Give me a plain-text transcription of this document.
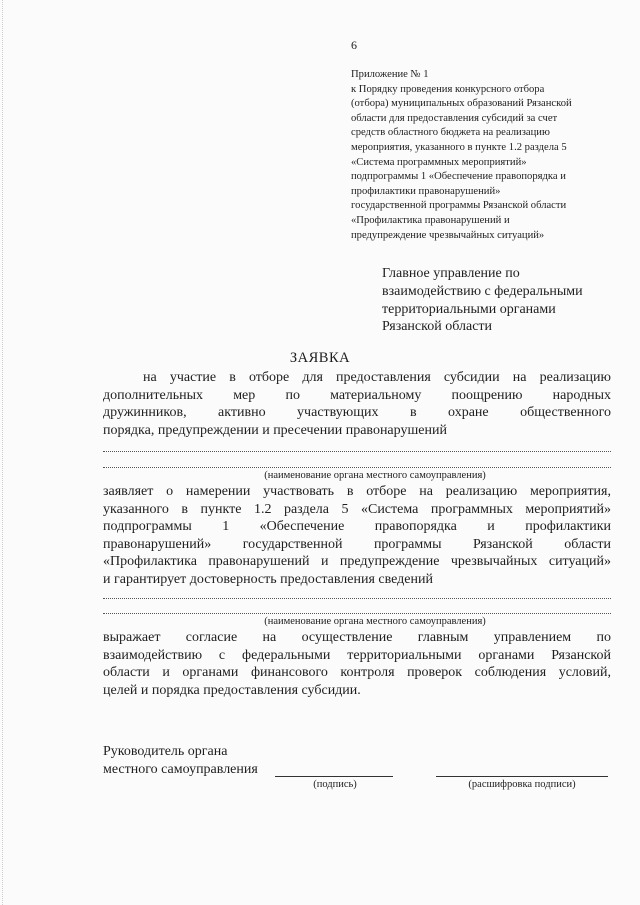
6
Приложение № 1
к Порядку проведения конкурсного отбора
(отбора) муниципальных образований Рязанской
области для предоставления субсидий за счет
средств областного бюджета на реализацию
мероприятия, указанного в пункте 1.2 раздела 5
«Система программных мероприятий»
подпрограммы 1 «Обеспечение правопорядка и
профилактики правонарушений»
государственной программы Рязанской области
«Профилактика правонарушений и
предупреждение чрезвычайных ситуаций»
Главное управление по
взаимодействию с федеральными
территориальными органами
Рязанской области
ЗАЯВКА
на участие в отборе для предоставления субсидии на реализацию
дополнительных мер по материальному поощрению народных
дружинников, активно участвующих в охране общественного
порядка, предупреждении и пресечении правонарушений
(наименование органа местного самоуправления)
заявляет о намерении участвовать в отборе на реализацию мероприятия,
указанного в пункте 1.2 раздела 5 «Система программных мероприятий»
подпрограммы 1 «Обеспечение правопорядка и профилактики
правонарушений» государственной программы Рязанской области
«Профилактика правонарушений и предупреждение чрезвычайных ситуаций»
и гарантирует достоверность предоставления сведений
(наименование органа местного самоуправления)
выражает согласие на осуществление главным управлением по
взаимодействию с федеральными территориальными органами Рязанской
области и органами финансового контроля проверок соблюдения условий,
целей и порядка предоставления субсидии.
Руководитель органа
местного самоуправления
(подпись)	(расшифровка подписи)
